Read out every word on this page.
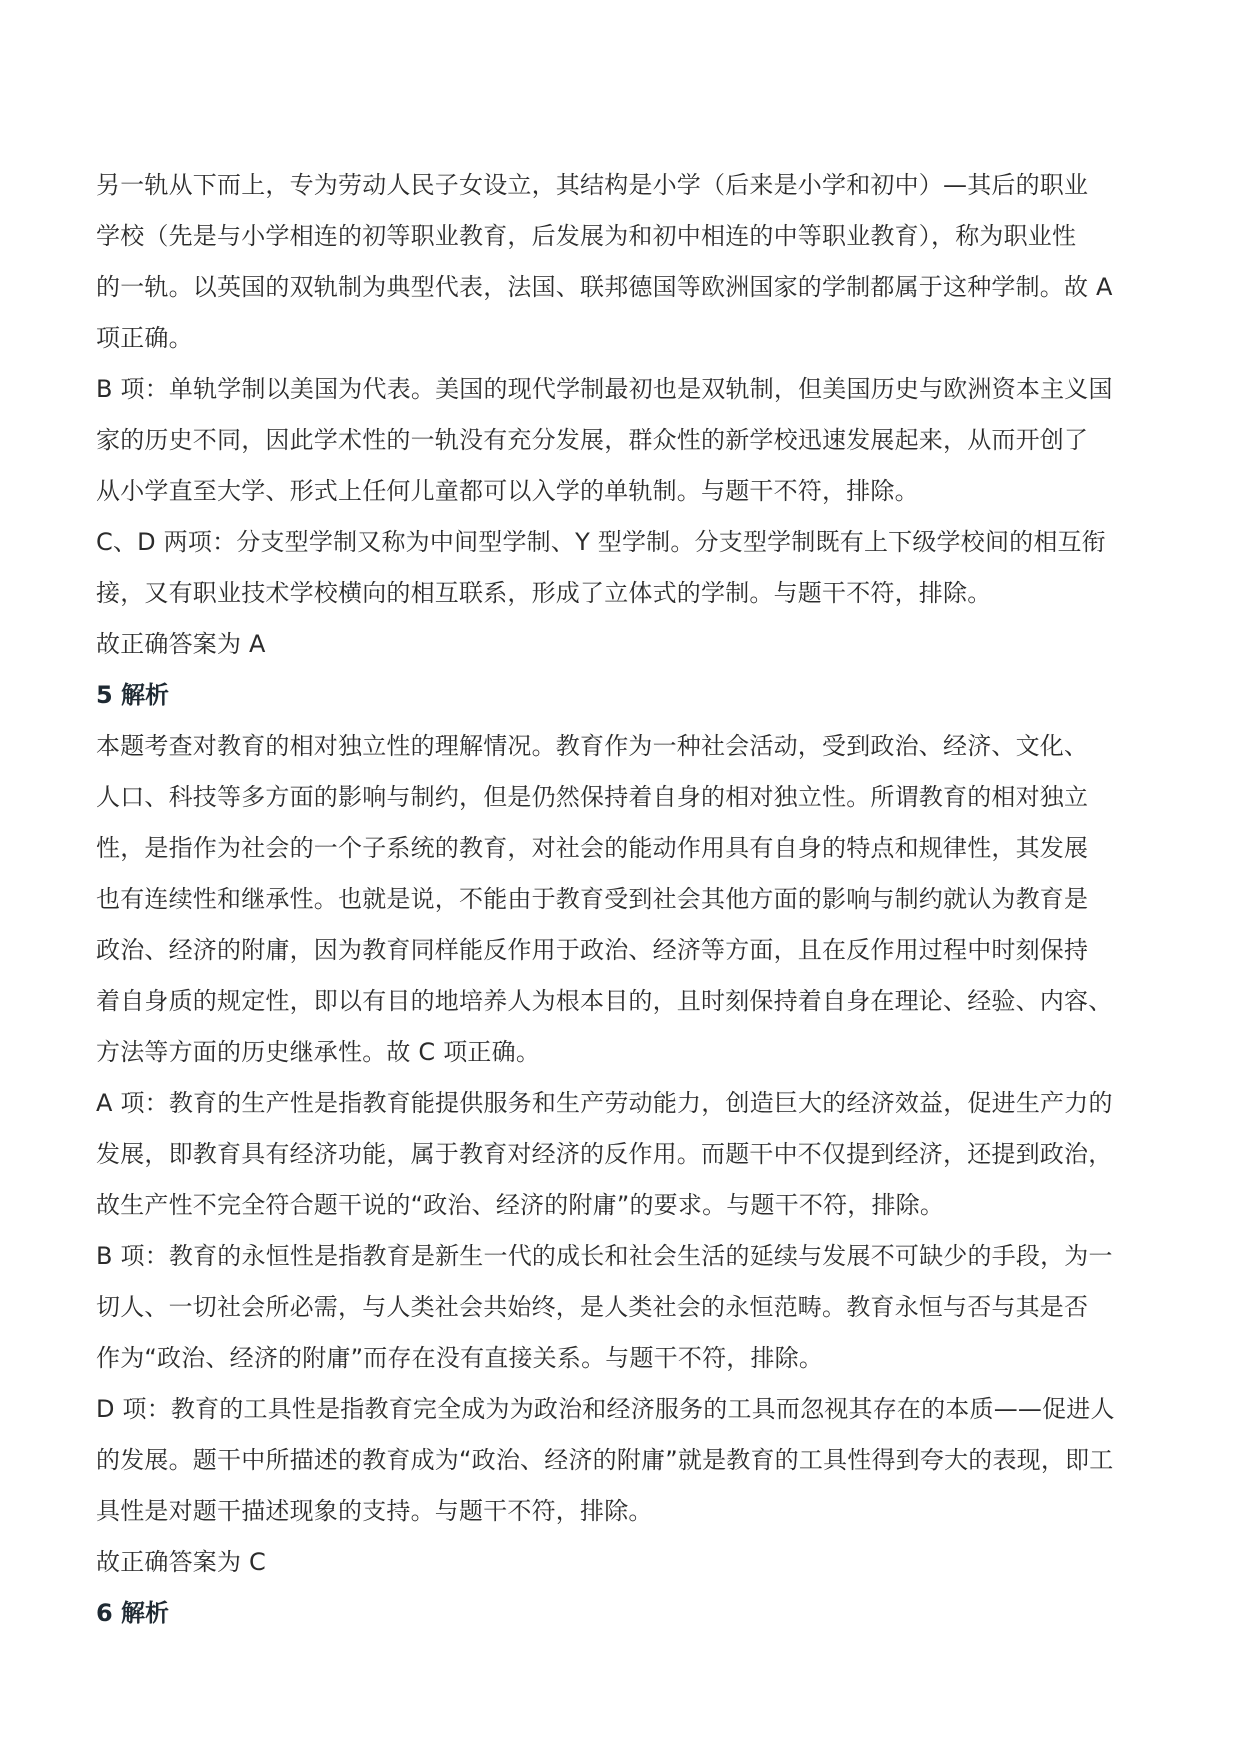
另一轨从下而上，专为劳动人民子女设立，其结构是小学（后来是小学和初中）—其后的职业
学校（先是与小学相连的初等职业教育，后发展为和初中相连的中等职业教育），称为职业性
的一轨。以英国的双轨制为典型代表，法国、联邦德国等欧洲国家的学制都属于这种学制。故 A
项正确。
B 项：单轨学制以美国为代表。美国的现代学制最初也是双轨制，但美国历史与欧洲资本主义国
家的历史不同，因此学术性的一轨没有充分发展，群众性的新学校迅速发展起来，从而开创了
从小学直至大学、形式上任何儿童都可以入学的单轨制。与题干不符，排除。
C、D 两项：分支型学制又称为中间型学制、Y 型学制。分支型学制既有上下级学校间的相互衔
接，又有职业技术学校横向的相互联系，形成了立体式的学制。与题干不符，排除。
故正确答案为 A
5 解析
本题考查对教育的相对独立性的理解情况。教育作为一种社会活动，受到政治、经济、文化、
人口、科技等多方面的影响与制约，但是仍然保持着自身的相对独立性。所谓教育的相对独立
性，是指作为社会的一个子系统的教育，对社会的能动作用具有自身的特点和规律性，其发展
也有连续性和继承性。也就是说，不能由于教育受到社会其他方面的影响与制约就认为教育是
政治、经济的附庸，因为教育同样能反作用于政治、经济等方面，且在反作用过程中时刻保持
着自身质的规定性，即以有目的地培养人为根本目的，且时刻保持着自身在理论、经验、内容、
方法等方面的历史继承性。故 C 项正确。
A 项：教育的生产性是指教育能提供服务和生产劳动能力，创造巨大的经济效益，促进生产力的
发展，即教育具有经济功能，属于教育对经济的反作用。而题干中不仅提到经济，还提到政治，
故生产性不完全符合题干说的“政治、经济的附庸”的要求。与题干不符，排除。
B 项：教育的永恒性是指教育是新生一代的成长和社会生活的延续与发展不可缺少的手段，为一
切人、一切社会所必需，与人类社会共始终，是人类社会的永恒范畴。教育永恒与否与其是否
作为“政治、经济的附庸”而存在没有直接关系。与题干不符，排除。
D 项：教育的工具性是指教育完全成为为政治和经济服务的工具而忽视其存在的本质——促进人
的发展。题干中所描述的教育成为“政治、经济的附庸”就是教育的工具性得到夸大的表现，即工
具性是对题干描述现象的支持。与题干不符，排除。
故正确答案为 C
6 解析
